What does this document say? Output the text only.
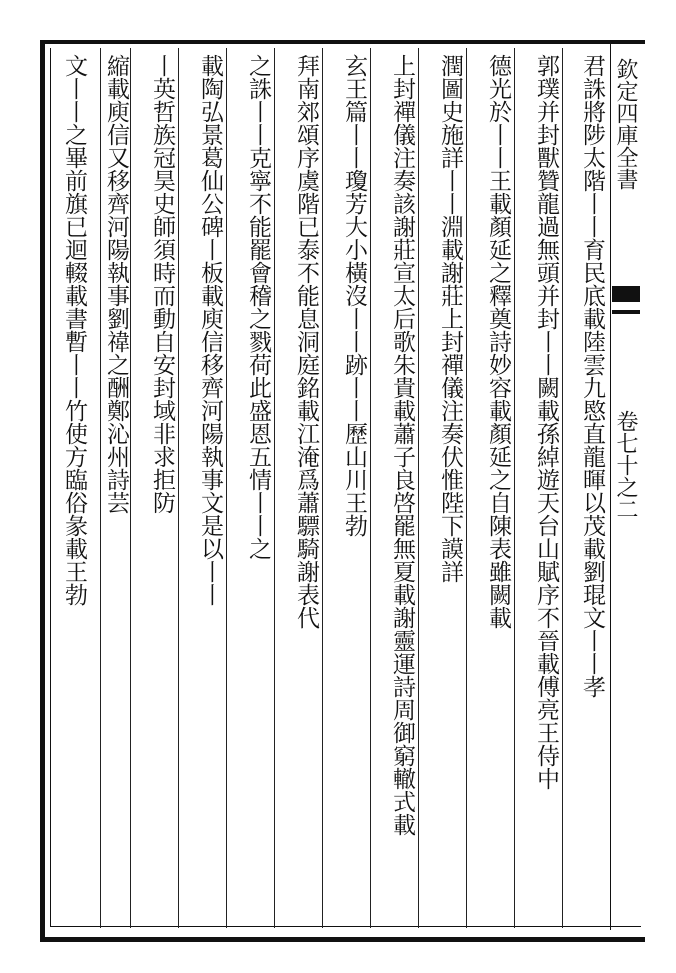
欽定四庫全書
卷七十之二
君誅將陟太階丨丨育民底載陸雲九愍直龍暉以茂載劉琨文丨丨孝
郭璞并封獸贊龍過無頭并封丨丨闕載孫綽遊天台山賦序不晉載傅亮王侍中
德光於丨丨王載顏延之釋奠詩妙容載顏延之自陳表雖闕載
潤圖史施詳丨丨淵載謝莊上封禪儀注奏伏惟陛下謨詳
上封禪儀注奏該謝莊宣太后歌朱貴載蕭子良啓罷無夏載謝靈運詩周御窮轍式載
玄王篇丨丨瓊芳大小橫沒丨丨跡丨丨歷山川王勃
拜南郊頌序虞階已泰不能息洞庭銘載江淹爲蕭驃騎謝表代
之誅丨丨克寧不能罷會稽之戮荷此盛恩五情丨丨之
載陶弘景葛仙公碑丨板載庾信移齊河陽執事文是以丨丨
丨英哲族冠昊史師須時而動自安封域非求拒防
縮載庾信又移齊河陽執事劉禕之酬鄭沁州詩芸
文丨丨之畢前旗已迴輟載書暫丨丨竹使方臨俗彖載王勃
